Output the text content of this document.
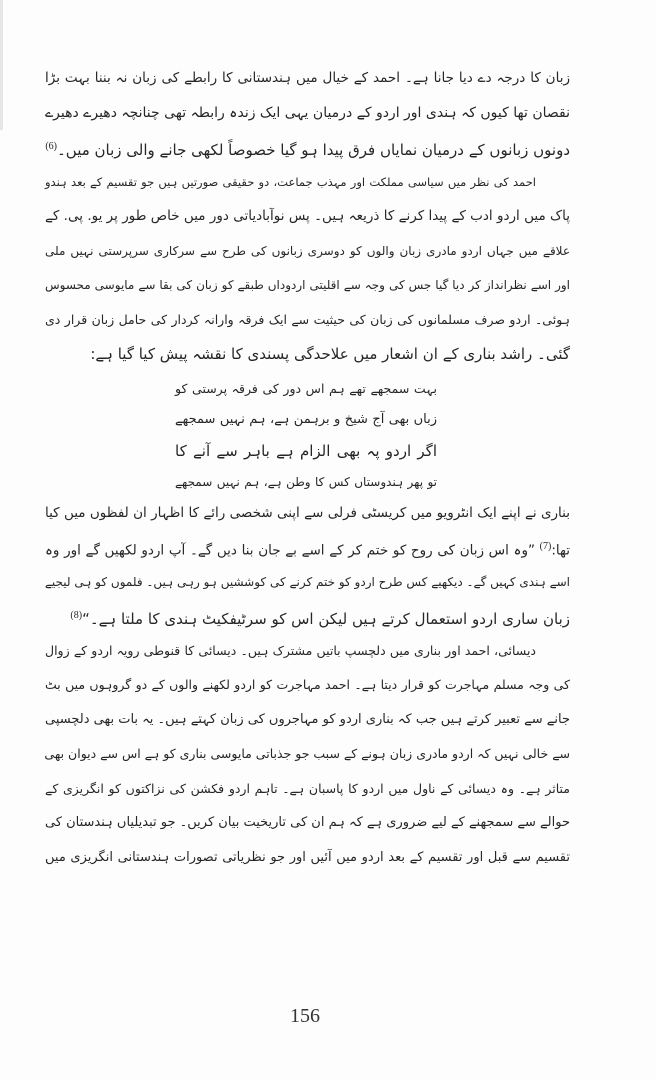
زبان کا درجہ دے دیا جانا ہے۔ احمد کے خیال میں ہندستانی کا رابطے کی زبان نہ بننا بہت بڑا
نقصان تھا کیوں کہ ہندی اور اردو کے درمیان یہی ایک زندہ رابطہ تھی چنانچہ دھیرے دھیرے
دونوں زبانوں کے درمیان نمایاں فرق پیدا ہو گیا خصوصاً لکھی جانے والی زبان میں۔$^{(6)}$
احمد کی نظر میں سیاسی مملکت اور مہذب جماعت، دو حقیقی صورتیں ہیں جو تقسیم کے بعد ہندو
پاک میں اردو ادب کے پیدا کرنے کا ذریعہ ہیں۔ پس نوآبادیاتی دور میں خاص طور پر یو. پی. کے
علاقے میں جہاں اردو مادری زبان والوں کو دوسری زبانوں کی طرح سے سرکاری سرپرستی نہیں ملی
اور اسے نظرانداز کر دیا گیا جس کی وجہ سے اقلیتی اردوداں طبقے کو زبان کی بقا سے مایوسی محسوس
ہوئی۔ اردو صرف مسلمانوں کی زبان کی حیثیت سے ایک فرقہ وارانہ کردار کی حامل زبان قرار دی
گئی۔ راشد بناری کے ان اشعار میں علاحدگی پسندی کا نقشہ پیش کیا گیا ہے:
بہت سمجھے تھے ہم اس دور کی فرقہ پرستی کو
زباں بھی آج شیخ و برہمن ہے، ہم نہیں سمجھے
اگر اردو پہ بھی الزام ہے باہر سے آنے کا
تو پھر ہندوستاں کس کا وطن ہے، ہم نہیں سمجھے
بناری نے اپنے ایک انٹرویو میں کریسٹی فرلی سے اپنی شخصی رائے کا اظہار ان لفظوں میں کیا
تھا:$^{(7)}$ ”وہ اس زبان کی روح کو ختم کر کے اسے بے جان بنا دیں گے۔ آپ اردو لکھیں گے اور وہ
اسے ہندی کہیں گے۔ دیکھیے کس طرح اردو کو ختم کرنے کی کوششیں ہو رہی ہیں۔ فلموں کو ہی لیجیے
زبان ساری اردو استعمال کرتے ہیں لیکن اس کو سرٹیفکیٹ ہندی کا ملتا ہے۔“$^{(8)}$
دیسائی، احمد اور بناری میں دلچسپ باتیں مشترک ہیں۔ دیسائی کا قنوطی رویہ اردو کے زوال
کی وجہ مسلم مہاجرت کو قرار دیتا ہے۔ احمد مہاجرت کو اردو لکھنے والوں کے دو گروہوں میں بٹ
جانے سے تعبیر کرتے ہیں جب کہ بناری اردو کو مہاجروں کی زبان کہتے ہیں۔ یہ بات بھی دلچسپی
سے خالی نہیں کہ اردو مادری زبان ہونے کے سبب جو جذباتی مایوسی بناری کو ہے اس سے دیوان بھی
متاثر ہے۔ وہ دیسائی کے ناول میں اردو کا پاسبان ہے۔ تاہم اردو فکشن کی نزاکتوں کو انگریزی کے
حوالے سے سمجھنے کے لیے ضروری ہے کہ ہم ان کی تاریخیت بیان کریں۔ جو تبدیلیاں ہندستان کی
تقسیم سے قبل اور تقسیم کے بعد اردو میں آئیں اور جو نظریاتی تصورات ہندستانی انگریزی میں
156
